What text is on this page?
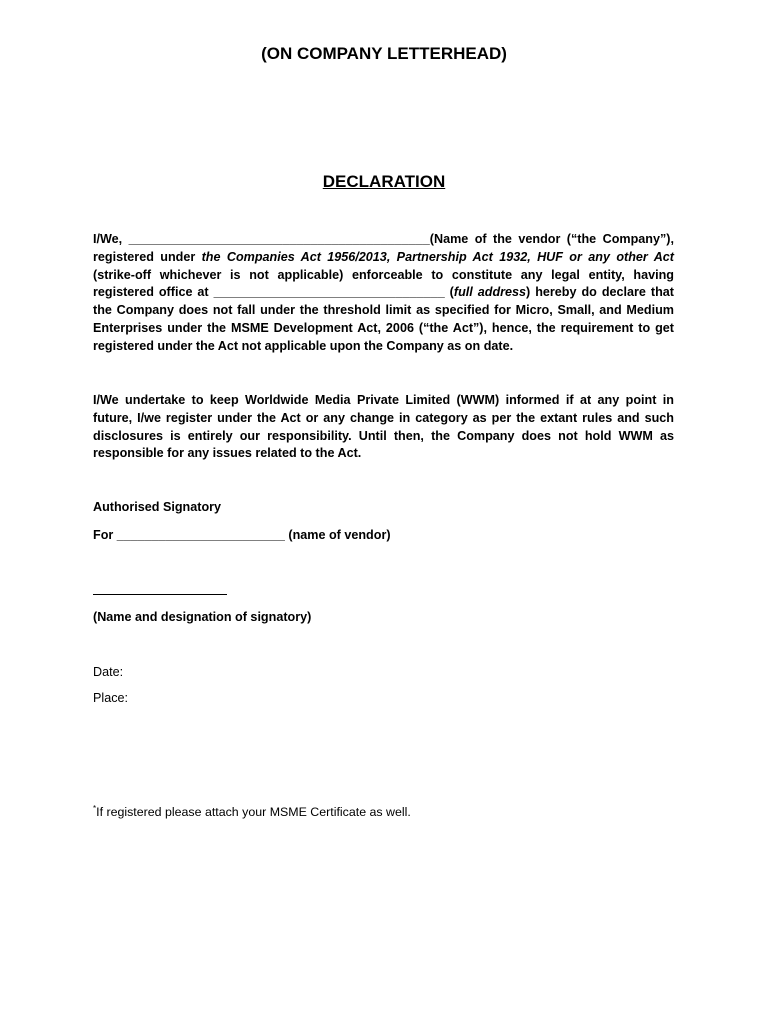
(ON COMPANY LETTERHEAD)
DECLARATION
I/We, ___________________________________________(Name of the vendor (“the Company”), registered under the Companies Act 1956/2013, Partnership Act 1932, HUF or any other Act (strike-off whichever is not applicable) enforceable to constitute any legal entity, having registered office at _________________________________ (full address) hereby do declare that the Company does not fall under the threshold limit as specified for Micro, Small, and Medium Enterprises under the MSME Development Act, 2006 (“the Act”), hence, the requirement to get registered under the Act not applicable upon the Company as on date.
I/We undertake to keep Worldwide Media Private Limited (WWM) informed if at any point in future, I/we register under the Act or any change in category as per the extant rules and such disclosures is entirely our responsibility. Until then, the Company does not hold WWM as responsible for any issues related to the Act.
Authorised Signatory
For ________________________ (name of vendor)
(Name and designation of signatory)
Date:
Place:
*If registered please attach your MSME Certificate as well.
